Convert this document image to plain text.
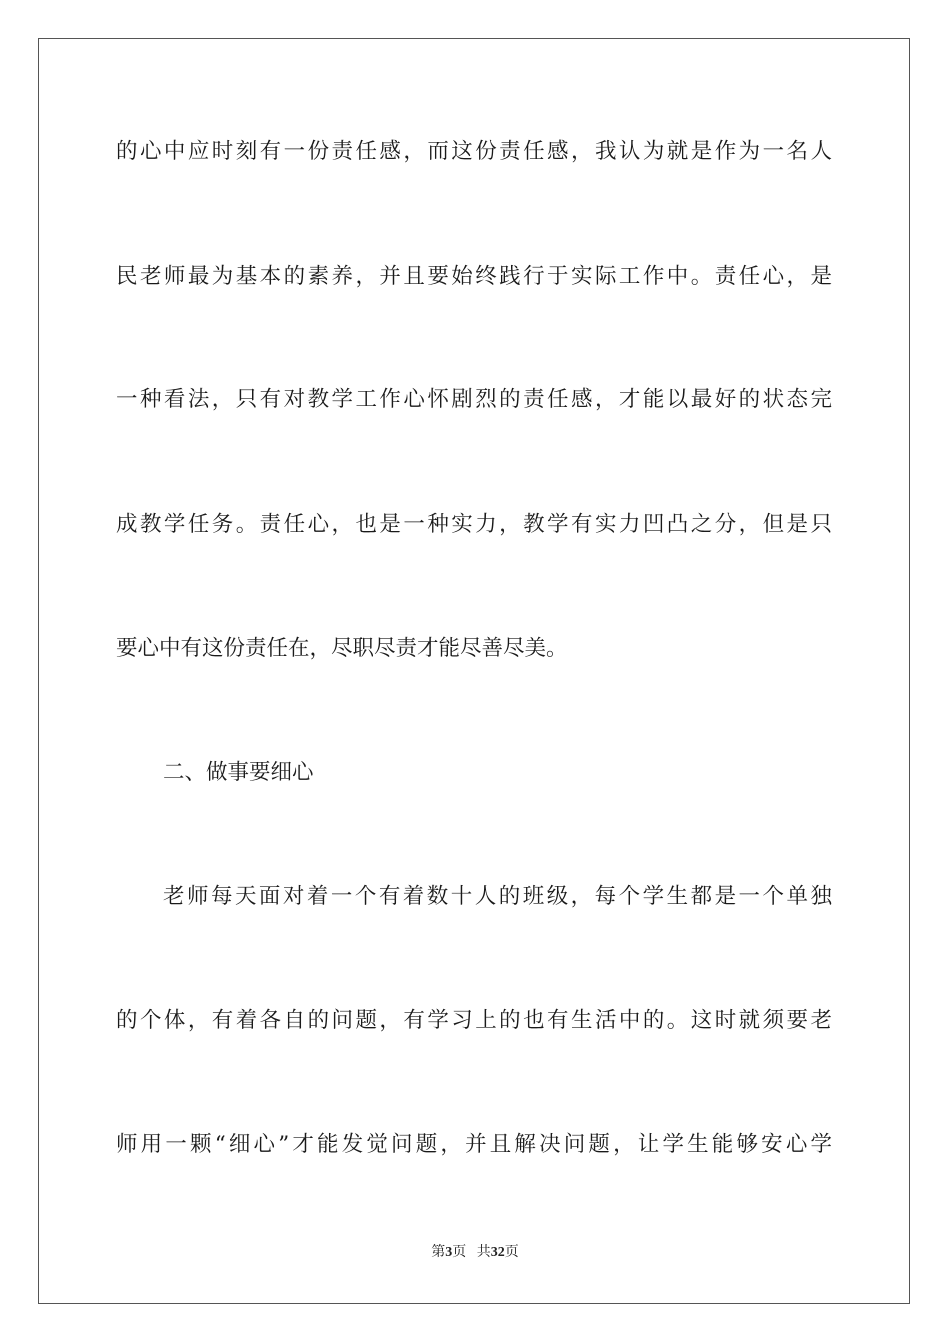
的心中应时刻有一份责任感，而这份责任感，我认为就是作为一名人
民老师最为基本的素养，并且要始终践行于实际工作中。责任心，是
一种看法，只有对教学工作心怀剧烈的责任感，才能以最好的状态完
成教学任务。责任心，也是一种实力，教学有实力凹凸之分，但是只
要心中有这份责任在，尽职尽责才能尽善尽美。
二、做事要细心
老师每天面对着一个有着数十人的班级，每个学生都是一个单独
的个体，有着各自的问题，有学习上的也有生活中的。这时就须要老
师用一颗“细心”才能发觉问题，并且解决问题，让学生能够安心学
第3页 共32页
